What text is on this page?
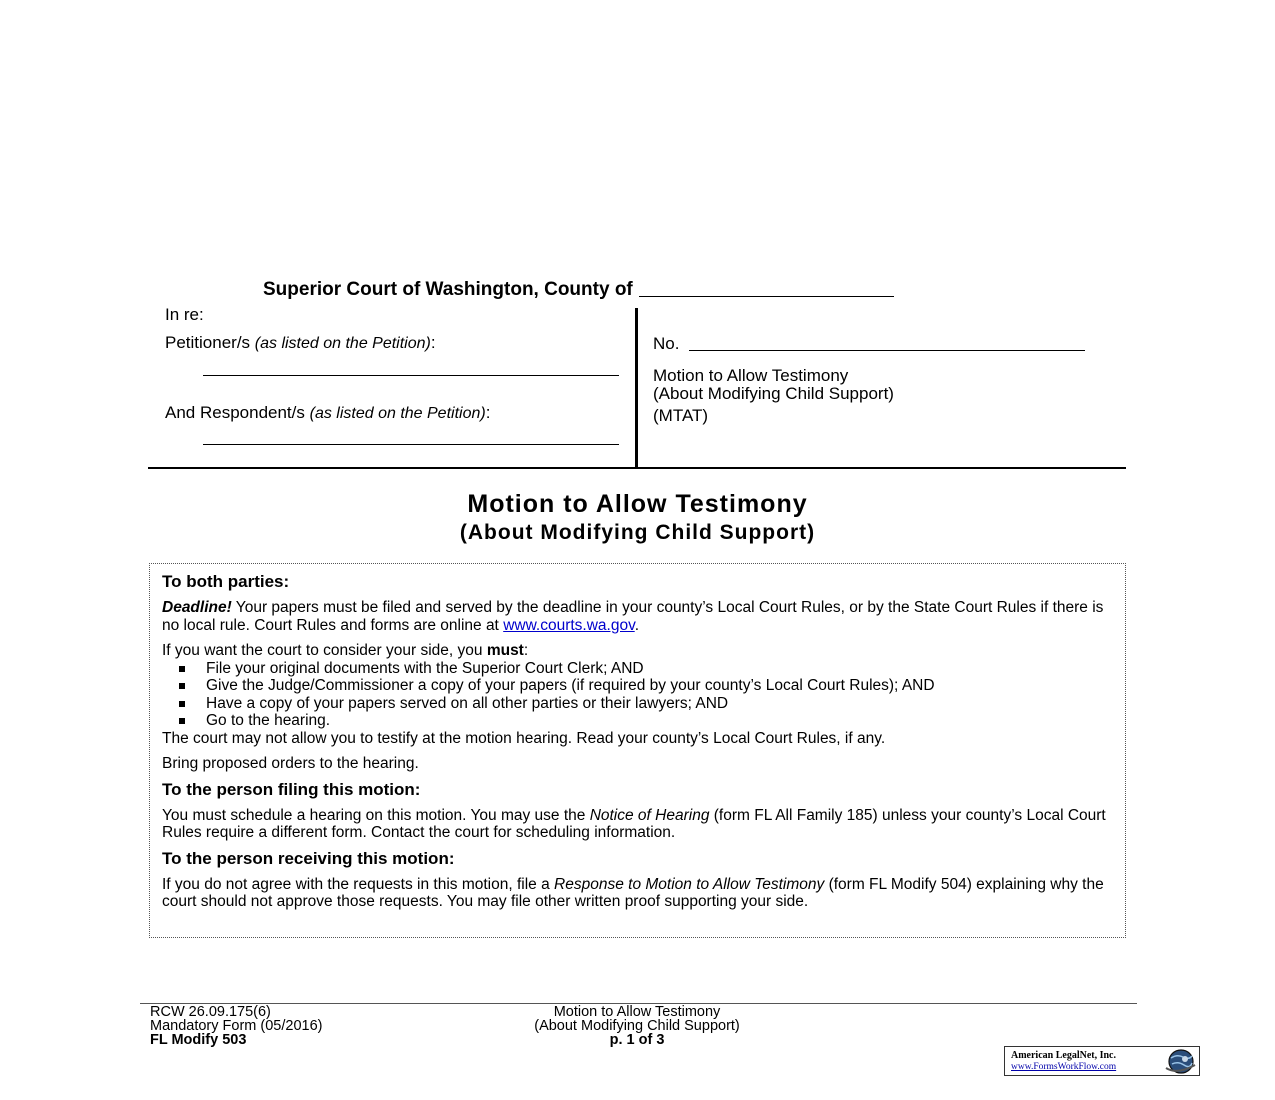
Superior Court of Washington, County of
In re:
Petitioner/s (as listed on the Petition):
And Respondent/s (as listed on the Petition):
No.
Motion to Allow Testimony
(About Modifying Child Support)
(MTAT)
Motion to Allow Testimony
(About Modifying Child Support)
To both parties:

Deadline! Your papers must be filed and served by the deadline in your county’s Local Court Rules, or by the State Court Rules if there is no local rule. Court Rules and forms are online at www.courts.wa.gov.

If you want the court to consider your side, you must:

File your original documents with the Superior Court Clerk; AND
Give the Judge/Commissioner a copy of your papers (if required by your county’s Local Court Rules); AND
Have a copy of your papers served on all other parties or their lawyers; AND
Go to the hearing.

The court may not allow you to testify at the motion hearing. Read your county’s Local Court Rules, if any.

Bring proposed orders to the hearing.

To the person filing this motion:

You must schedule a hearing on this motion. You may use the Notice of Hearing (form FL All Family 185) unless your county’s Local Court Rules require a different form. Contact the court for scheduling information.

To the person receiving this motion:

If you do not agree with the requests in this motion, file a Response to Motion to Allow Testimony (form FL Modify 504) explaining why the court should not approve those requests. You may file other written proof supporting your side.

RCW 26.09.175(6)
Mandatory Form (05/2016)
FL Modify 503
Motion to Allow Testimony
(About Modifying Child Support)
p. 1 of 3
American LegalNet, Inc.
www.FormsWorkFlow.com
